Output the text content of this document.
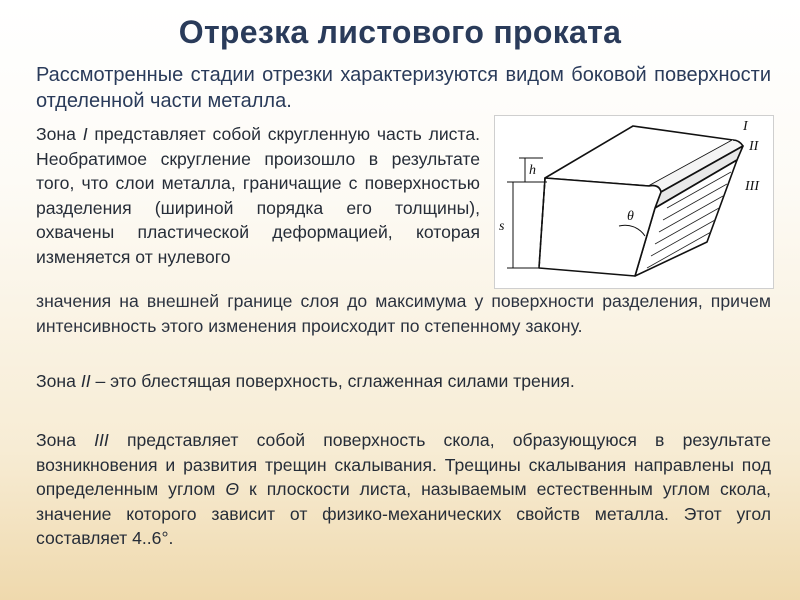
Отрезка листового проката
Рассмотренные стадии отрезки характеризуются видом боковой поверхности отделенной части металла.
Зона I представляет собой скругленную часть листа. Необратимое скругление произошло в результате того, что слои металла, граничащие с поверхностью разделения (шириной порядка его толщины), охвачены пластической деформацией, которая изменяется от нулевого
значения на внешней границе слоя до максимума у поверхности разделения, причем интенсивность этого изменения происходит по степенному закону.
Зона II – это блестящая поверхность, сглаженная силами трения.
Зона III представляет собой поверхность скола, образующуюся в результате возникновения и развития трещин скалывания. Трещины скалывания направлены под определенным углом Θ к плоскости листа, называемым естественным углом скола, значение которого зависит от физико-механических свойств металла. Этот угол составляет 4..6°.
I
II
III
h
s
θ
